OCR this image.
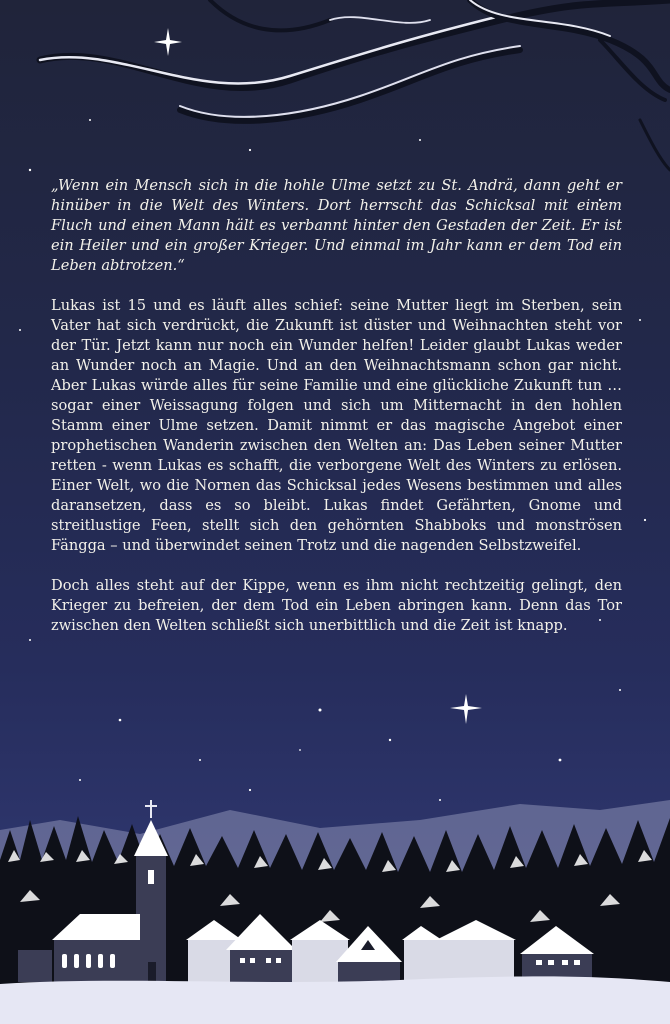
„Wenn ein Mensch sich in die hohle Ulme setzt zu St. Andrä, dann geht er hinüber in die Welt des Winters. Dort herrscht das Schicksal mit einem Fluch und einen Mann hält es verbannt hinter den Gestaden der Zeit. Er ist ein Heiler und ein großer Krieger. Und einmal im Jahr kann er dem Tod ein Leben abtrotzen.“

Lukas ist 15 und es läuft alles schief: seine Mutter liegt im Sterben, sein Vater hat sich verdrückt, die Zukunft ist düster und Weihnachten steht vor der Tür. Jetzt kann nur noch ein Wunder helfen! Leider glaubt Lukas weder an Wunder noch an Magie. Und an den Weihnachtsmann schon gar nicht. Aber Lukas würde alles für seine Familie und eine glückliche Zukunft tun … sogar einer Weissagung folgen und sich um Mitternacht in den hohlen Stamm einer Ulme setzen. Damit nimmt er das magische Angebot einer prophetischen Wanderin zwischen den Welten an: Das Leben seiner Mutter retten - wenn Lukas es schafft, die verborgene Welt des Winters zu erlösen. Einer Welt, wo die Nornen das Schicksal jedes Wesens bestimmen und alles daransetzen, dass es so bleibt. Lukas findet Gefährten, Gnome und streitlustige Feen, stellt sich den gehörnten Shabboks und monströsen Fängga – und überwindet seinen Trotz und die nagenden Selbstzweifel.

Doch alles steht auf der Kippe, wenn es ihm nicht rechtzeitig gelingt, den Krieger zu befreien, der dem Tod ein Leben abringen kann. Denn das Tor zwischen den Welten schließt sich unerbittlich und die Zeit ist knapp.
